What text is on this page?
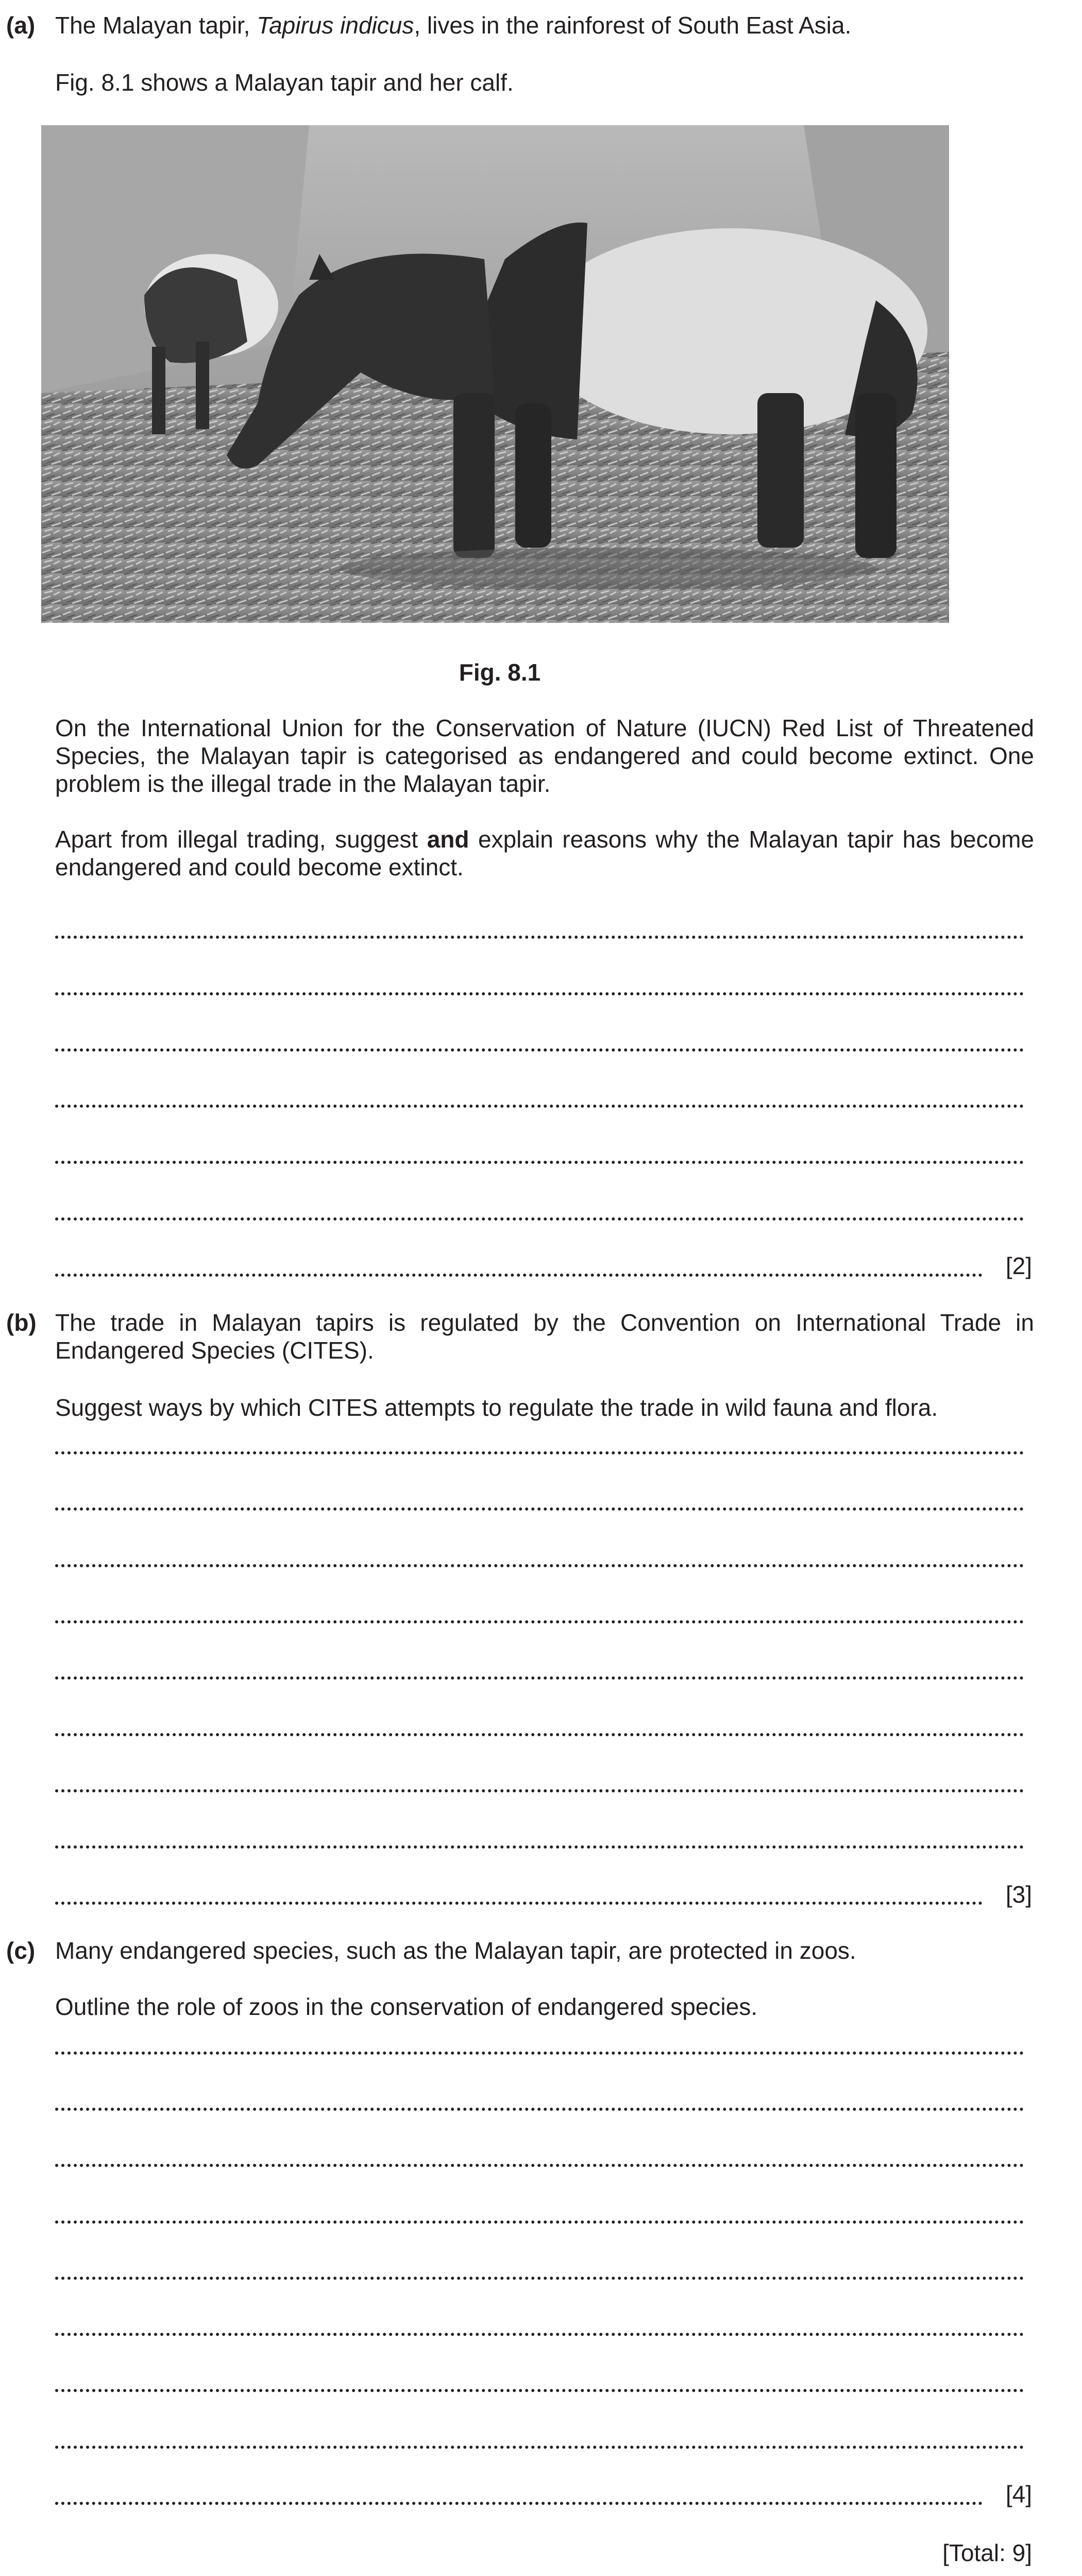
(a) The Malayan tapir, Tapirus indicus, lives in the rainforest of South East Asia.
Fig. 8.1 shows a Malayan tapir and her calf.
Fig. 8.1
On the International Union for the Conservation of Nature (IUCN) Red List of Threatened Species, the Malayan tapir is categorised as endangered and could become extinct. One problem is the illegal trade in the Malayan tapir.
Apart from illegal trading, suggest and explain reasons why the Malayan tapir has become endangered and could become extinct.
[2]
(b) The trade in Malayan tapirs is regulated by the Convention on International Trade in Endangered Species (CITES).
Suggest ways by which CITES attempts to regulate the trade in wild fauna and flora.
[3]
(c) Many endangered species, such as the Malayan tapir, are protected in zoos.
Outline the role of zoos in the conservation of endangered species.
[4]
[Total: 9]
